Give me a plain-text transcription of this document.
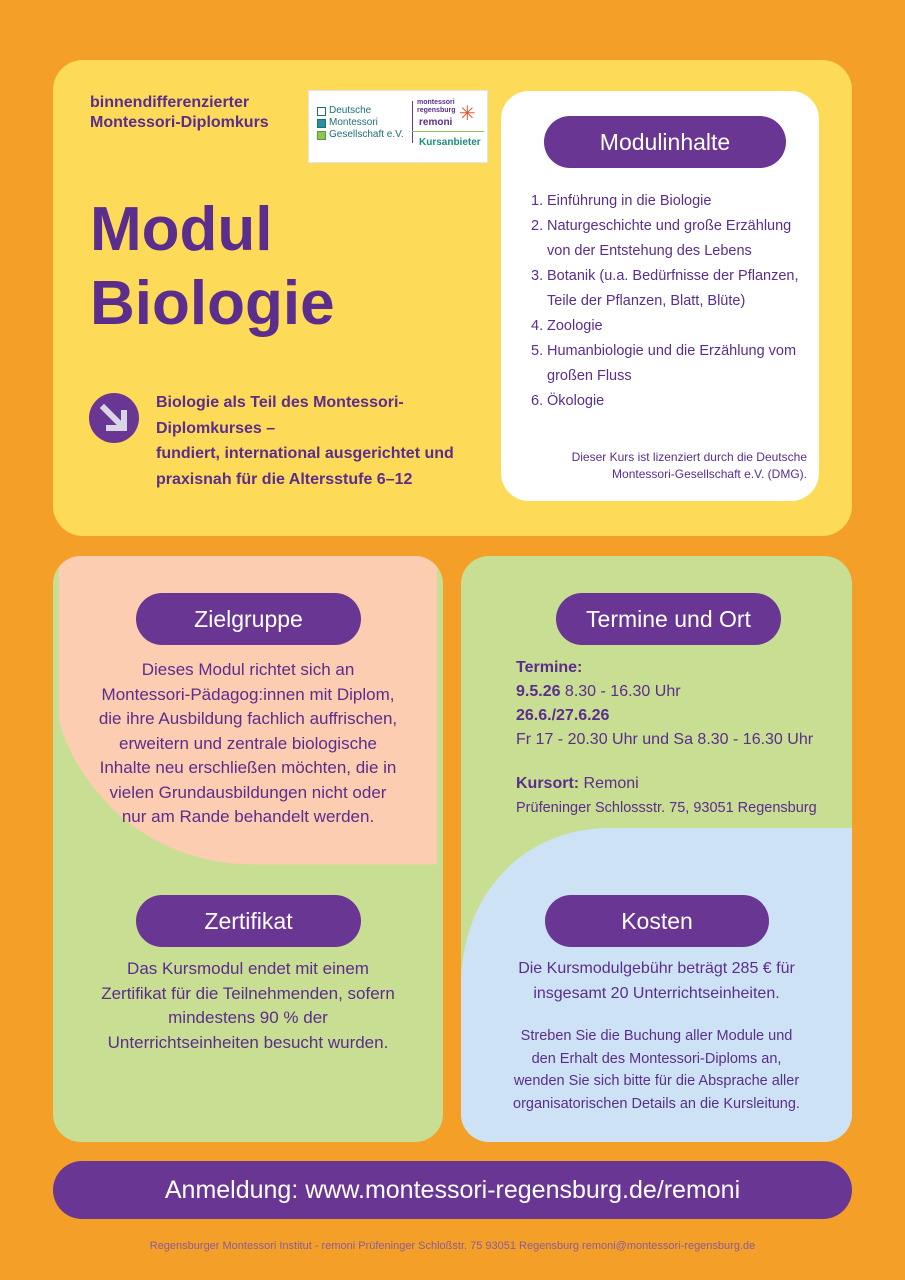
binnendifferenzierter
Montessori-Diplomkurs
Deutsche
Montessori
Gesellschaft e.V.
montessori
regensburg
remoni ✳
Kursanbieter
Modul
Biologie
Biologie als Teil des Montessori-
Diplomkurses –
fundiert, international ausgerichtet und
praxisnah für die Altersstufe 6–12
Modulinhalte
1. Einführung in die Biologie
2. Naturgeschichte und große Erzählung
von der Entstehung des Lebens
3. Botanik (u.a. Bedürfnisse der Pflanzen,
Teile der Pflanzen, Blatt, Blüte)
4. Zoologie
5. Humanbiologie und die Erzählung vom
großen Fluss
6. Ökologie
Dieser Kurs ist lizenziert durch die Deutsche
Montessori-Gesellschaft e.V. (DMG).
Zielgruppe
Dieses Modul richtet sich an
Montessori-Pädagog:innen mit Diplom,
die ihre Ausbildung fachlich auffrischen,
erweitern und zentrale biologische
Inhalte neu erschließen möchten, die in
vielen Grundausbildungen nicht oder
nur am Rande behandelt werden.
Zertifikat
Das Kursmodul endet mit einem
Zertifikat für die Teilnehmenden, sofern
mindestens 90 % der
Unterrichtseinheiten besucht wurden.
Termine und Ort
Termine:
9.5.26 8.30 - 16.30 Uhr
26.6./27.6.26
Fr 17 - 20.30 Uhr und Sa 8.30 - 16.30 Uhr
Kursort: Remoni
Prüfeninger Schlossstr. 75, 93051 Regensburg
Kosten
Die Kursmodulgebühr beträgt 285 € für
insgesamt 20 Unterrichtseinheiten.
Streben Sie die Buchung aller Module und
den Erhalt des Montessori-Diploms an,
wenden Sie sich bitte für die Absprache aller
organisatorischen Details an die Kursleitung.
Anmeldung: www.montessori-regensburg.de/remoni
Regensburger Montessori Institut - remoni Prüfeninger Schloßstr. 75 93051 Regensburg remoni@montessori-regensburg.de
